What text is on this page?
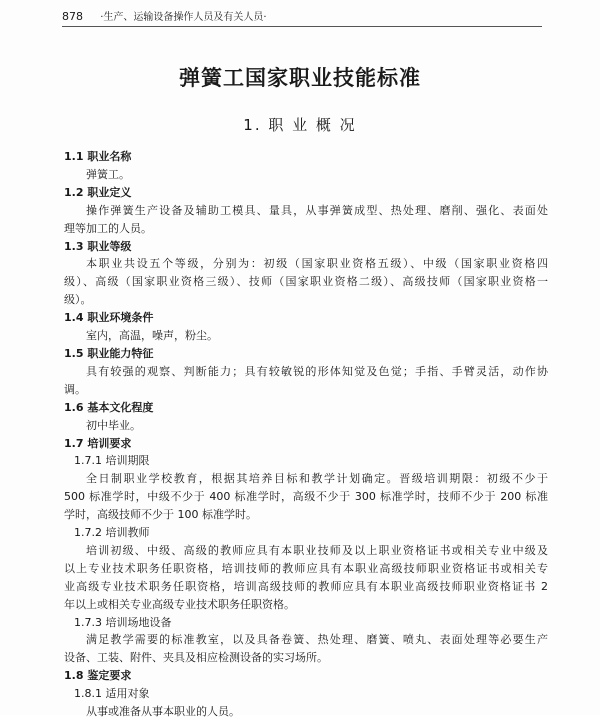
878 ·生产、运输设备操作人员及有关人员·
弹簧工国家职业技能标准
1. 职 业 概 况
1.1 职业名称
弹簧工。
1.2 职业定义
操作弹簧生产设备及辅助工模具、量具，从事弹簧成型、热处理、磨削、强化、表面处
理等加工的人员。
1.3 职业等级
本职业共设五个等级，分别为：初级（国家职业资格五级）、中级（国家职业资格四
级）、高级（国家职业资格三级）、技师（国家职业资格二级）、高级技师（国家职业资格一
级）。
1.4 职业环境条件
室内，高温，噪声，粉尘。
1.5 职业能力特征
具有较强的观察、判断能力；具有较敏锐的形体知觉及色觉；手指、手臂灵活，动作协
调。
1.6 基本文化程度
初中毕业。
1.7 培训要求
1.7.1 培训期限
全日制职业学校教育，根据其培养目标和教学计划确定。晋级培训期限：初级不少于
500 标准学时，中级不少于 400 标准学时，高级不少于 300 标准学时，技师不少于 200 标准
学时，高级技师不少于 100 标准学时。
1.7.2 培训教师
培训初级、中级、高级的教师应具有本职业技师及以上职业资格证书或相关专业中级及
以上专业技术职务任职资格，培训技师的教师应具有本职业高级技师职业资格证书或相关专
业高级专业技术职务任职资格，培训高级技师的教师应具有本职业高级技师职业资格证书 2
年以上或相关专业高级专业技术职务任职资格。
1.7.3 培训场地设备
满足教学需要的标准教室，以及具备卷簧、热处理、磨簧、喷丸、表面处理等必要生产
设备、工装、附件、夹具及相应检测设备的实习场所。
1.8 鉴定要求
1.8.1 适用对象
从事或准备从事本职业的人员。
